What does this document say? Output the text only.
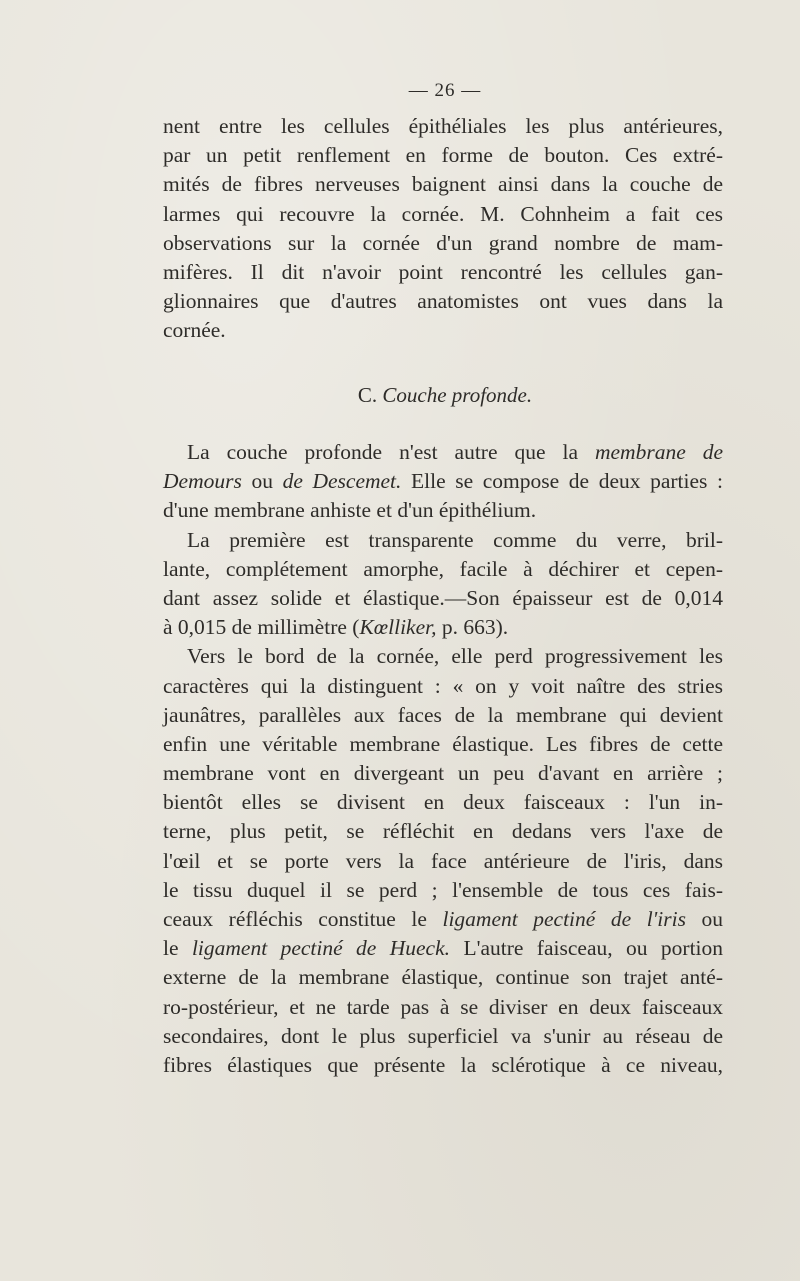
— 26 —
nent entre les cellules épithéliales les plus antérieures,
par un petit renflement en forme de bouton. Ces extré-
mités de fibres nerveuses baignent ainsi dans la couche de
larmes qui recouvre la cornée. M. Cohnheim a fait ces
observations sur la cornée d'un grand nombre de mam-
mifères. Il dit n'avoir point rencontré les cellules gan-
glionnaires que d'autres anatomistes ont vues dans la
cornée.
C. Couche profonde.
La couche profonde n'est autre que la membrane de
Demours ou de Descemet. Elle se compose de deux parties :
d'une membrane anhiste et d'un épithélium.
La première est transparente comme du verre, bril-
lante, complétement amorphe, facile à déchirer et cepen-
dant assez solide et élastique.—Son épaisseur est de 0,014
à 0,015 de millimètre (Kœlliker, p. 663).
Vers le bord de la cornée, elle perd progressivement les
caractères qui la distinguent : « on y voit naître des stries
jaunâtres, parallèles aux faces de la membrane qui devient
enfin une véritable membrane élastique. Les fibres de cette
membrane vont en divergeant un peu d'avant en arrière ;
bientôt elles se divisent en deux faisceaux : l'un in-
terne, plus petit, se réfléchit en dedans vers l'axe de
l'œil et se porte vers la face antérieure de l'iris, dans
le tissu duquel il se perd ; l'ensemble de tous ces fais-
ceaux réfléchis constitue le ligament pectiné de l'iris ou
le ligament pectiné de Hueck. L'autre faisceau, ou portion
externe de la membrane élastique, continue son trajet anté-
ro-postérieur, et ne tarde pas à se diviser en deux faisceaux
secondaires, dont le plus superficiel va s'unir au réseau de
fibres élastiques que présente la sclérotique à ce niveau,
